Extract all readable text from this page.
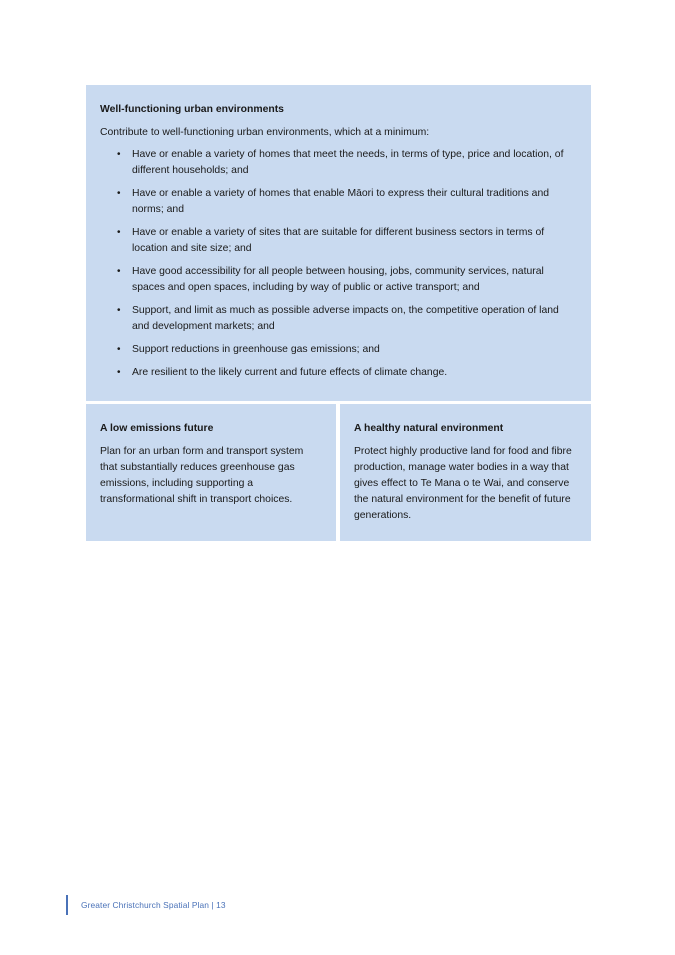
Well-functioning urban environments
Contribute to well-functioning urban environments, which at a minimum:
• Have or enable a variety of homes that meet the needs, in terms of type, price and location, of different households; and
• Have or enable a variety of homes that enable Māori to express their cultural traditions and norms; and
• Have or enable a variety of sites that are suitable for different business sectors in terms of location and site size; and
• Have good accessibility for all people between housing, jobs, community services, natural spaces and open spaces, including by way of public or active transport; and
• Support, and limit as much as possible adverse impacts on, the competitive operation of land and development markets; and
• Support reductions in greenhouse gas emissions; and
• Are resilient to the likely current and future effects of climate change.
A low emissions future

Plan for an urban form and transport system that substantially reduces greenhouse gas emissions, including supporting a transformational shift in transport choices.

A healthy natural environment

Protect highly productive land for food and fibre production, manage water bodies in a way that gives effect to Te Mana o te Wai, and conserve the natural environment for the benefit of future generations.

Greater Christchurch Spatial Plan | 13
